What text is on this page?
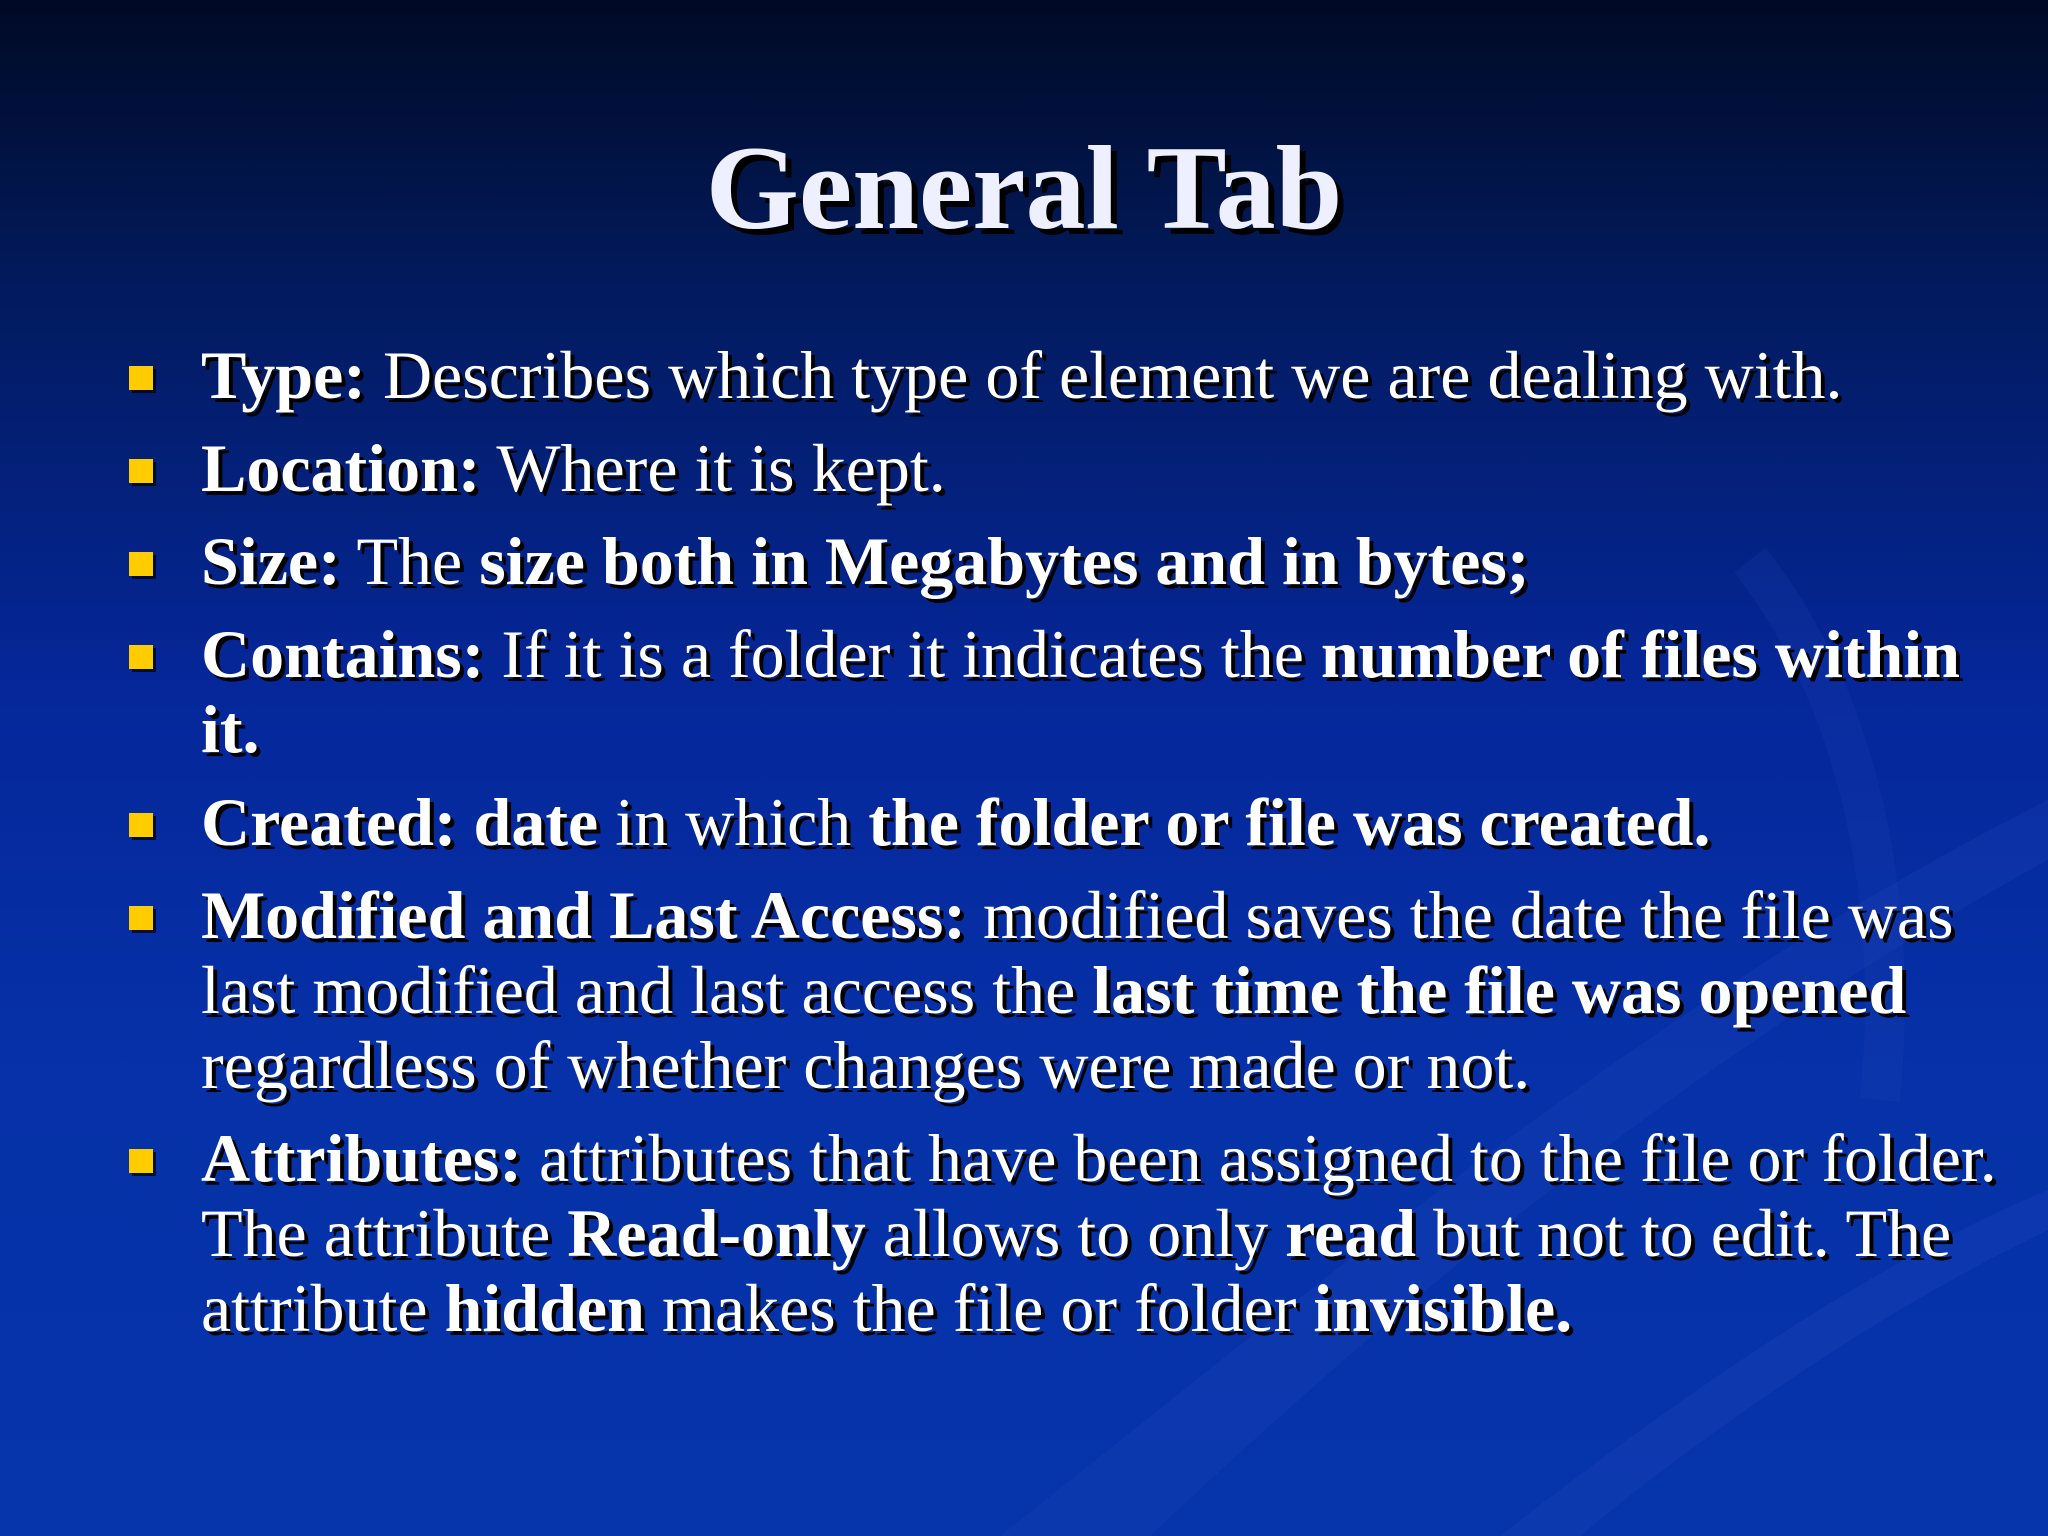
General Tab
Type: Describes which type of element we are dealing with.
Location: Where it is kept.
Size: The size both in Megabytes and in bytes;
Contains: If it is a folder it indicates the number of files within it.
Created: date in which the folder or file was created.
Modified and Last Access: modified saves the date the file was last modified and last access the last time the file was opened regardless of whether changes were made or not.
Attributes: attributes that have been assigned to the file or folder. The attribute Read-only allows to only read but not to edit. The attribute hidden makes the file or folder invisible.
